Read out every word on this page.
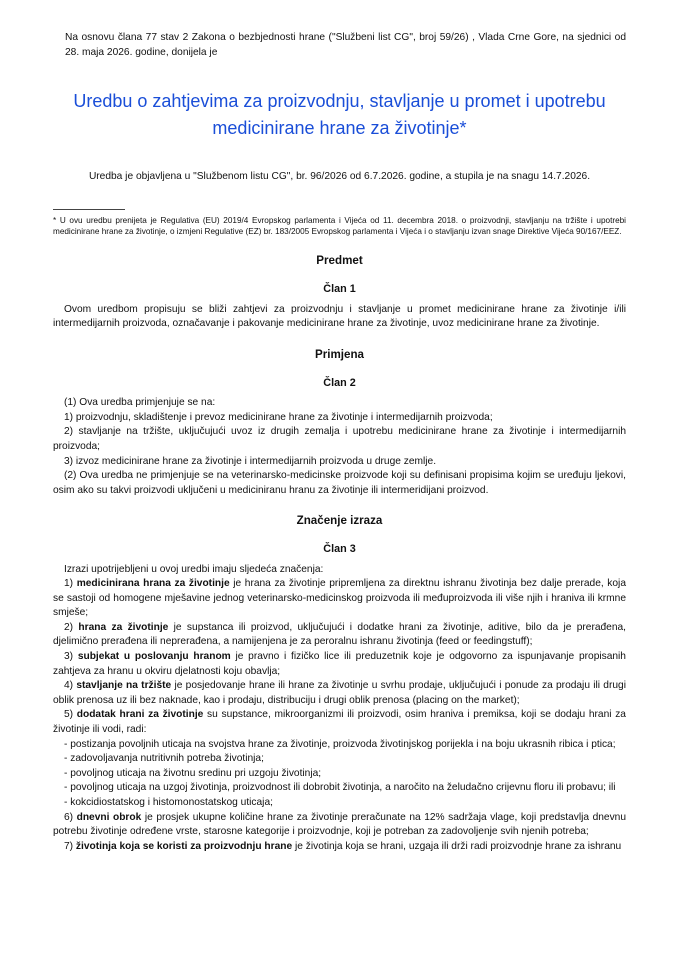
Na osnovu člana 77 stav 2 Zakona o bezbjednosti hrane ("Službeni list CG", broj 59/26) , Vlada Crne Gore, na sjednici od 28. maja 2026. godine, donijela je

Uredbu o zahtjevima za proizvodnju, stavljanje u promet i upotrebu medicinirane hrane za životinje*

Uredba je objavljena u "Službenom listu CG", br. 96/2026 od 6.7.2026. godine, a stupila je na snagu 14.7.2026.

* U ovu uredbu prenijeta je Regulativa (EU) 2019/4 Evropskog parlamenta i Vijeća od 11. decembra 2018. o proizvodnji, stavljanju na tržište i upotrebi medicinirane hrane za životinje, o izmjeni Regulative (EZ) br. 183/2005 Evropskog parlamenta i Vijeća i o stavljanju izvan snage Direktive Vijeća 90/167/EEZ.

Predmet

Član 1

Ovom uredbom propisuju se bliži zahtjevi za proizvodnju i stavljanje u promet medicinirane hrane za životinje i/ili intermedijarnih proizvoda, označavanje i pakovanje medicinirane hrane za životinje, uvoz medicinirane hrane za životinje.

Primjena

Član 2

(1) Ova uredba primjenjuje se na:

1) proizvodnju, skladištenje i prevoz medicinirane hrane za životinje i intermedijarnih proizvoda;

2) stavljanje na tržište, uključujući uvoz iz drugih zemalja i upotrebu medicinirane hrane za životinje i intermedijarnih proizvoda;

3) izvoz medicinirane hrane za životinje i intermedijarnih proizvoda u druge zemlje.

(2) Ova uredba ne primjenjuje se na veterinarsko-medicinske proizvode koji su definisani propisima kojim se uređuju ljekovi, osim ako su takvi proizvodi uključeni u mediciniranu hranu za životinje ili intermeridijani proizvod.

Značenje izraza

Član 3

Izrazi upotrijebljeni u ovoj uredbi imaju sljedeća značenja:

1) medicinirana hrana za životinje je hrana za životinje pripremljena za direktnu ishranu životinja bez dalje prerade, koja se sastoji od homogene mješavine jednog veterinarsko-medicinskog proizvoda ili međuproizvoda ili više njih i hraniva ili krmne smješe;

2) hrana za životinje je supstanca ili proizvod, uključujući i dodatke hrani za životinje, aditive, bilo da je prerađena, djelimično prerađena ili neprerađena, a namijenjena je za peroralnu ishranu životinja (feed or feedingstuff);

3) subjekat u poslovanju hranom je pravno i fizičko lice ili preduzetnik koje je odgovorno za ispunjavanje propisanih zahtjeva za hranu u okviru djelatnosti koju obavlja;

4) stavljanje na tržište je posjedovanje hrane ili hrane za životinje u svrhu prodaje, uključujući i ponude za prodaju ili drugi oblik prenosa uz ili bez naknade, kao i prodaju, distribuciju i drugi oblik prenosa (placing on the market);

5) dodatak hrani za životinje su supstance, mikroorganizmi ili proizvodi, osim hraniva i premiksa, koji se dodaju hrani za životinje ili vodi, radi:

- postizanja povoljnih uticaja na svojstva hrane za životinje, proizvoda životinjskog porijekla i na boju ukrasnih ribica i ptica;

- zadovoljavanja nutritivnih potreba životinja;

- povoljnog uticaja na životnu sredinu pri uzgoju životinja;

- povoljnog uticaja na uzgoj životinja, proizvodnost ili dobrobit životinja, a naročito na želudačno crijevnu floru ili probavu; ili

- kokcidiostatskog i histomonostatskog uticaja;

6) dnevni obrok je prosjek ukupne količine hrane za životinje preračunate na 12% sadržaja vlage, koji predstavlja dnevnu potrebu životinje određene vrste, starosne kategorije i proizvodnje, koji je potreban za zadovoljenje svih njenih potreba;

7) životinja koja se koristi za proizvodnju hrane je životinja koja se hrani, uzgaja ili drži radi proizvodnje hrane za ishranu
